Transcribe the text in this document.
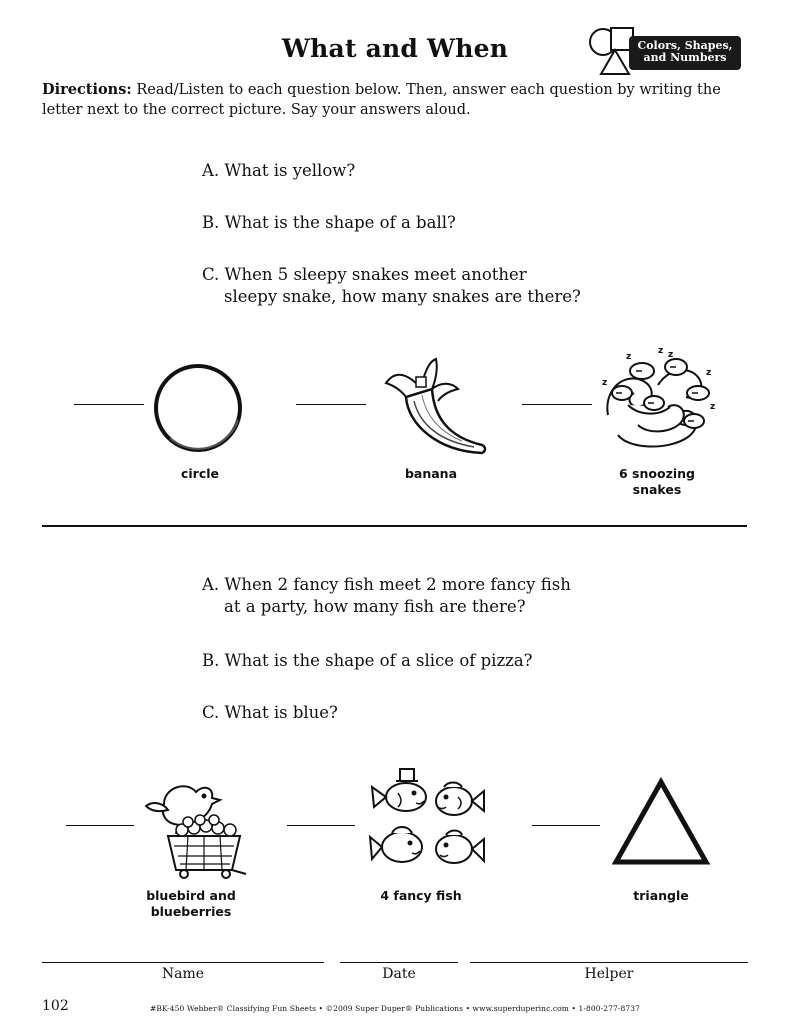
What and When	Colors, Shapes,
and Numbers
Directions: Read/Listen to each question below. Then, answer each question by writing the letter next to the correct picture. Say your answers aloud.
A. What is yellow?
B. What is the shape of a ball?
C. When 5 sleepy snakes meet another
sleepy snake, how many snakes are there?
z
z z
z
z
z
circle	banana	6 snoozing
snakes
A. When 2 fancy fish meet 2 more fancy fish
at a party, how many fish are there?
B. What is the shape of a slice of pizza?
C. What is blue?
bluebird and
blueberries
4 fancy fish	triangle
Name	Date	Helper
102	#BK-450 Webber® Classifying Fun Sheets • ©2009 Super Duper® Publications • www.superduperinc.com • 1-800-277-8737
